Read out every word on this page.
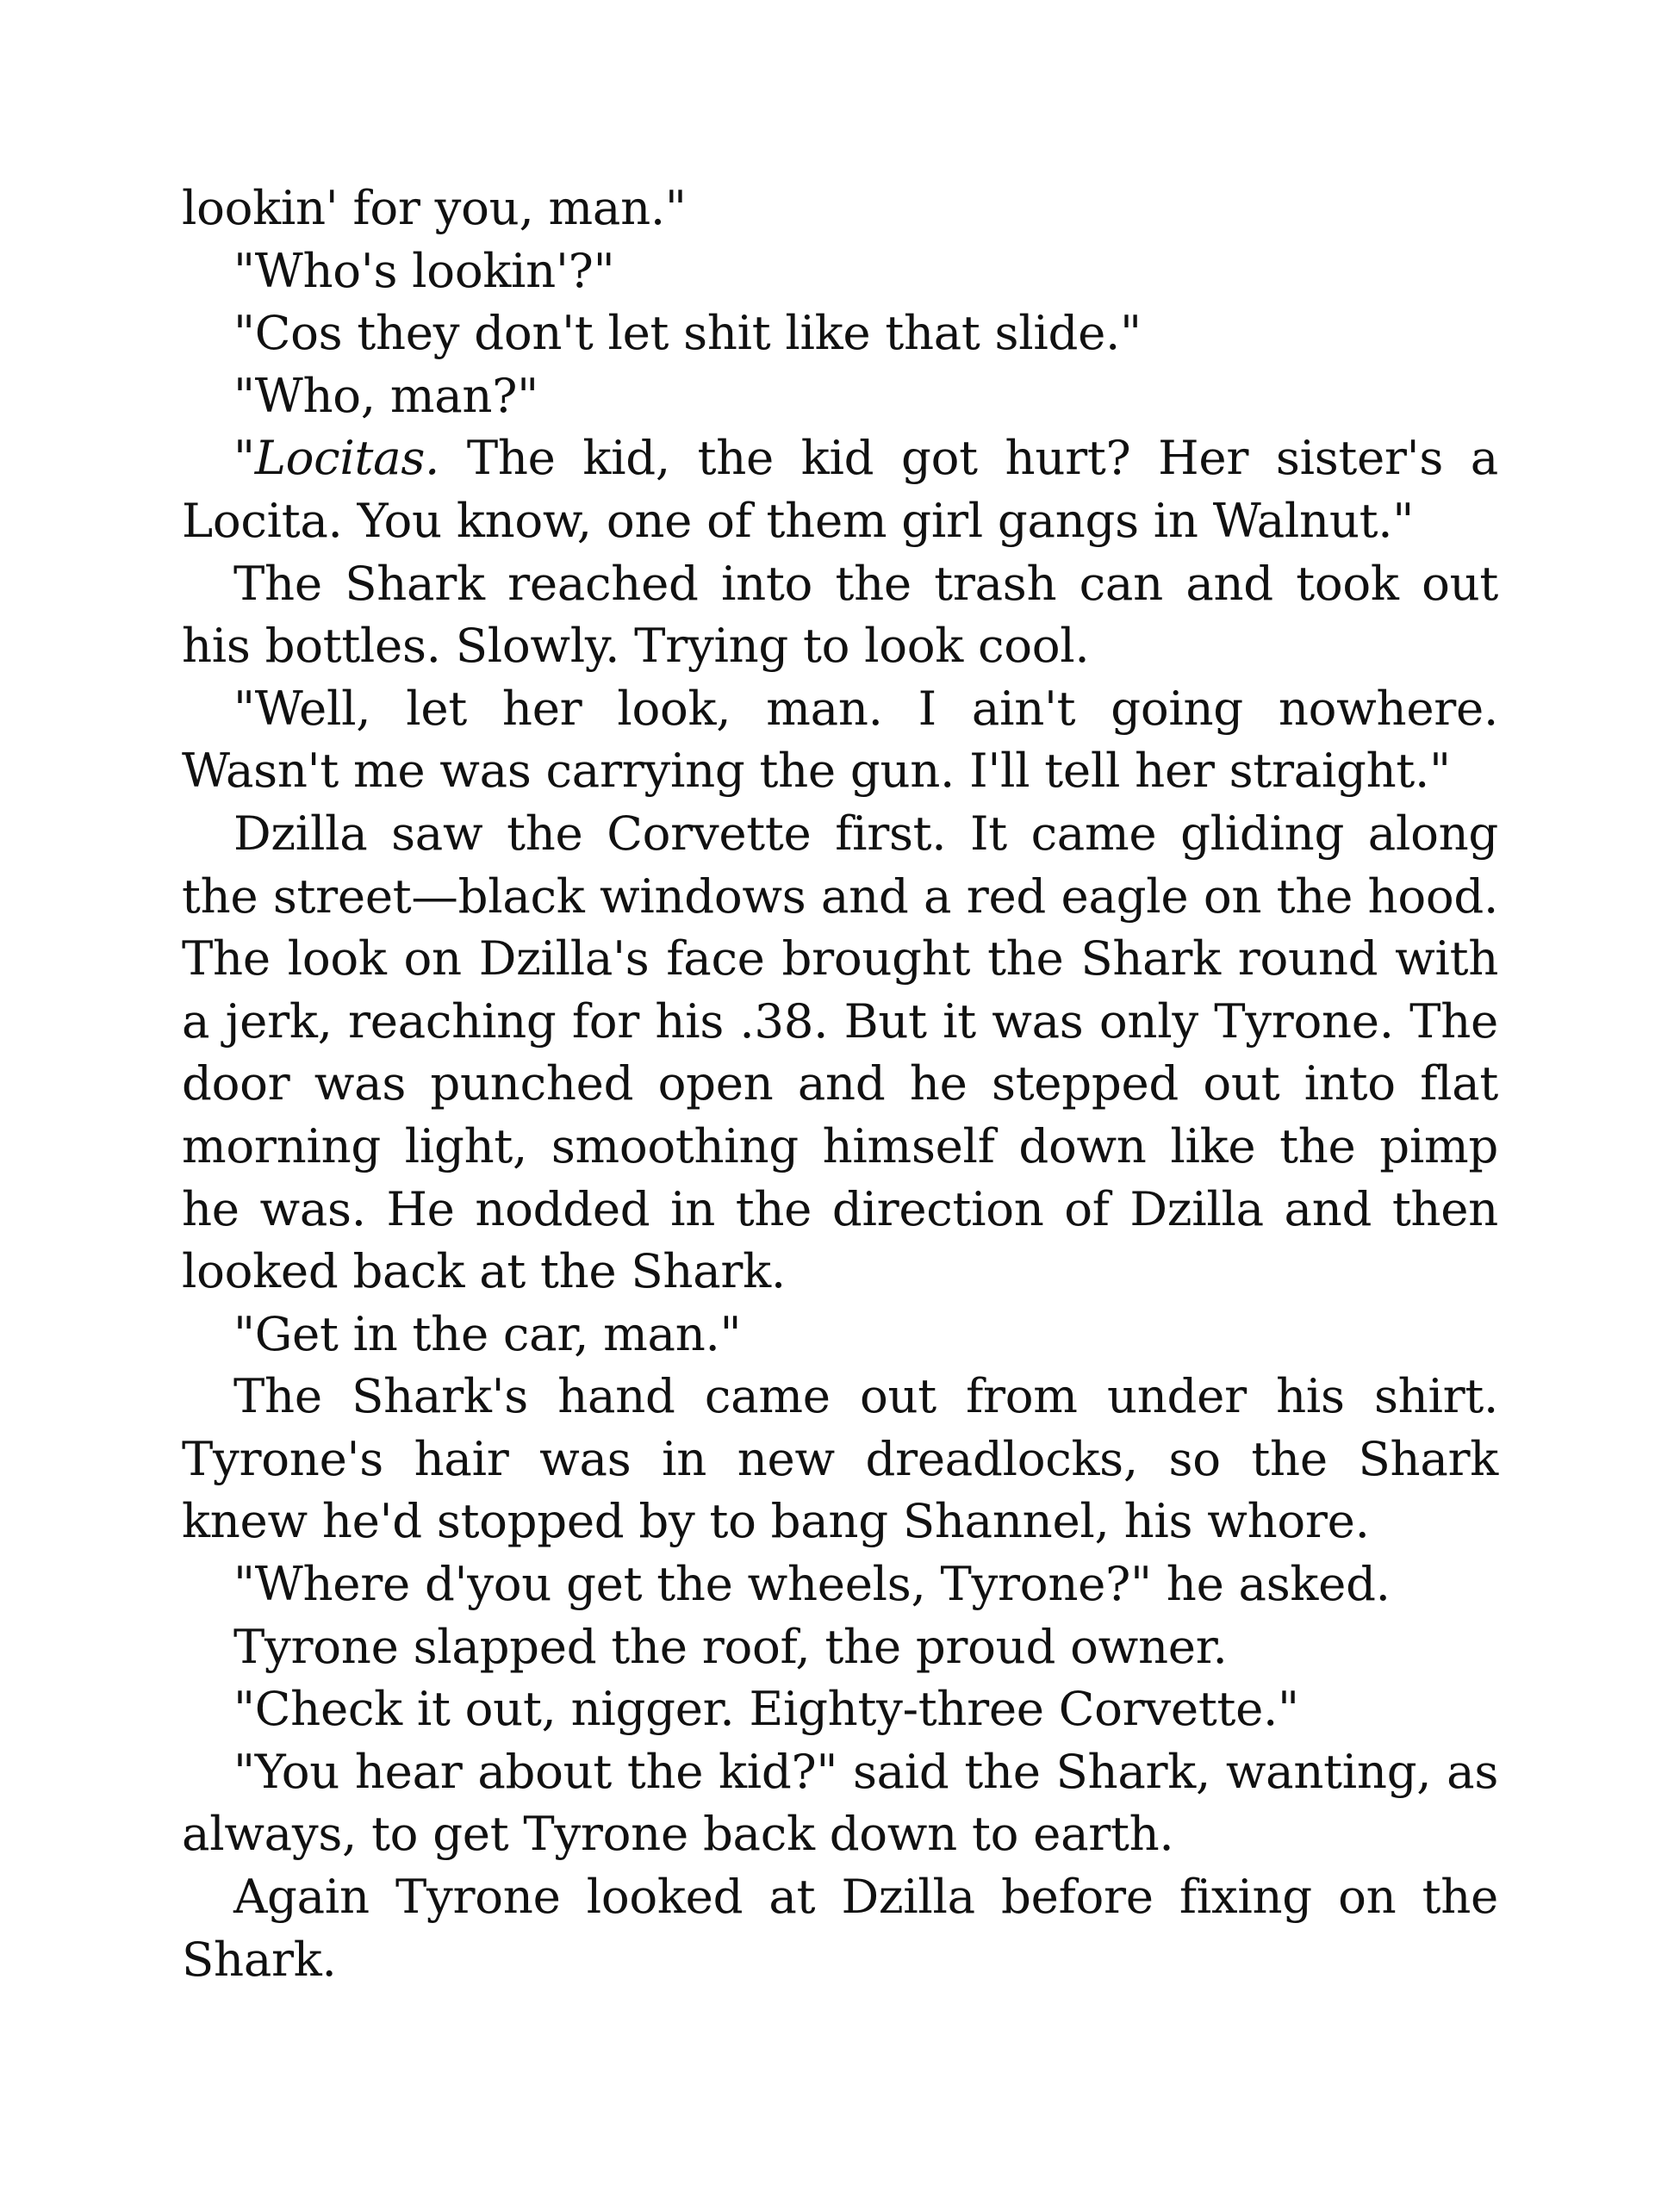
lookin' for you, man."

"Who's lookin'?"

"Cos they don't let shit like that slide."

"Who, man?"

"Locitas. The kid, the kid got hurt? Her sister's a Locita. You know, one of them girl gangs in Walnut."

The Shark reached into the trash can and took out his bottles. Slowly. Trying to look cool.

"Well, let her look, man. I ain't going nowhere. Wasn't me was carrying the gun. I'll tell her straight."

Dzilla saw the Corvette first. It came gliding along the street—black windows and a red eagle on the hood. The look on Dzilla's face brought the Shark round with a jerk, reaching for his .38. But it was only Tyrone. The door was punched open and he stepped out into flat morning light, smoothing himself down like the pimp he was. He nodded in the direction of Dzilla and then looked back at the Shark.

"Get in the car, man."

The Shark's hand came out from under his shirt. Tyrone's hair was in new dreadlocks, so the Shark knew he'd stopped by to bang Shannel, his whore.

"Where d'you get the wheels, Tyrone?" he asked.

Tyrone slapped the roof, the proud owner.

"Check it out, nigger. Eighty-three Corvette."

"You hear about the kid?" said the Shark, wanting, as always, to get Tyrone back down to earth.

Again Tyrone looked at Dzilla before fixing on the Shark.
